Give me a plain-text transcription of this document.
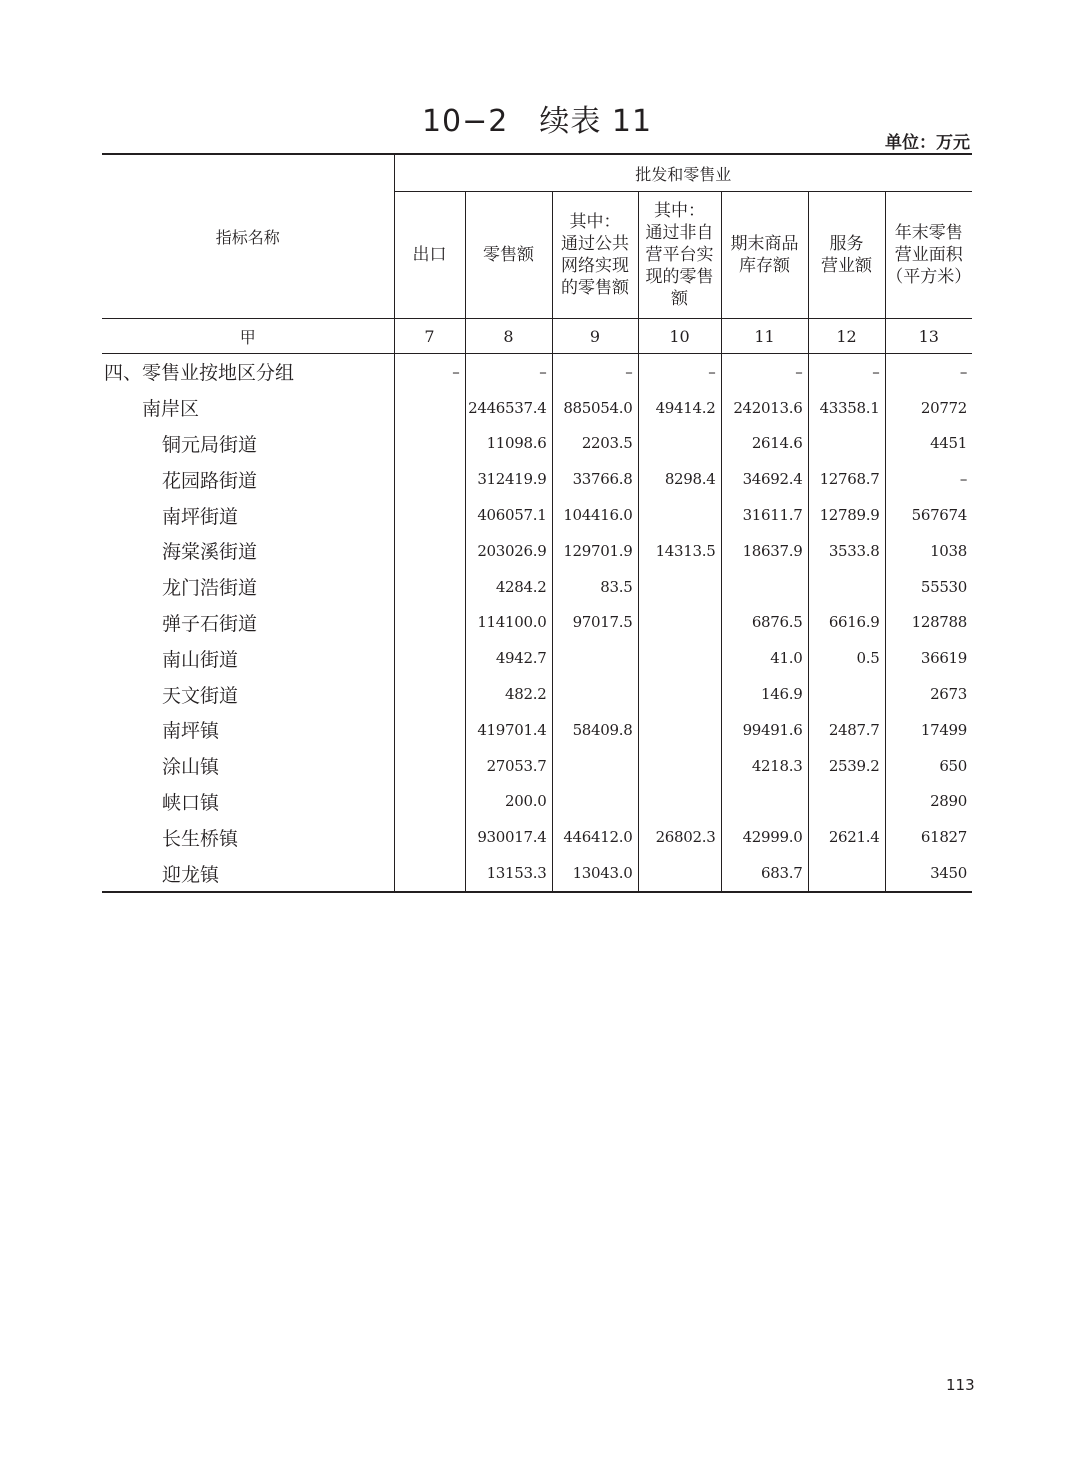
10−2　续表 11
单位：万元
指标名称	批发和零售业						
	出口	零售额	其中：
通过公共
网络实现
的零售额	其中：
通过非自
营平台实
现的零售
额	期末商品
库存额	服务
营业额	年末零售
营业面积
（平方米）
甲	7	8	9	10	11	12	13
四、零售业按地区分组	–	–	–	–	–	–	–
南岸区		2446537.4	885054.0	49414.2	242013.6	43358.1	20772
铜元局街道		11098.6	2203.5		2614.6		4451
花园路街道		312419.9	33766.8	8298.4	34692.4	12768.7	–
南坪街道		406057.1	104416.0		31611.7	12789.9	567674
海棠溪街道		203026.9	129701.9	14313.5	18637.9	3533.8	1038
龙门浩街道		4284.2	83.5				55530
弹子石街道		114100.0	97017.5		6876.5	6616.9	128788
南山街道		4942.7			41.0	0.5	36619
天文街道		482.2			146.9		2673
南坪镇		419701.4	58409.8		99491.6	2487.7	17499
涂山镇		27053.7			4218.3	2539.2	650
峡口镇		200.0					2890
长生桥镇		930017.4	446412.0	26802.3	42999.0	2621.4	61827
迎龙镇		13153.3	13043.0		683.7		3450
113
